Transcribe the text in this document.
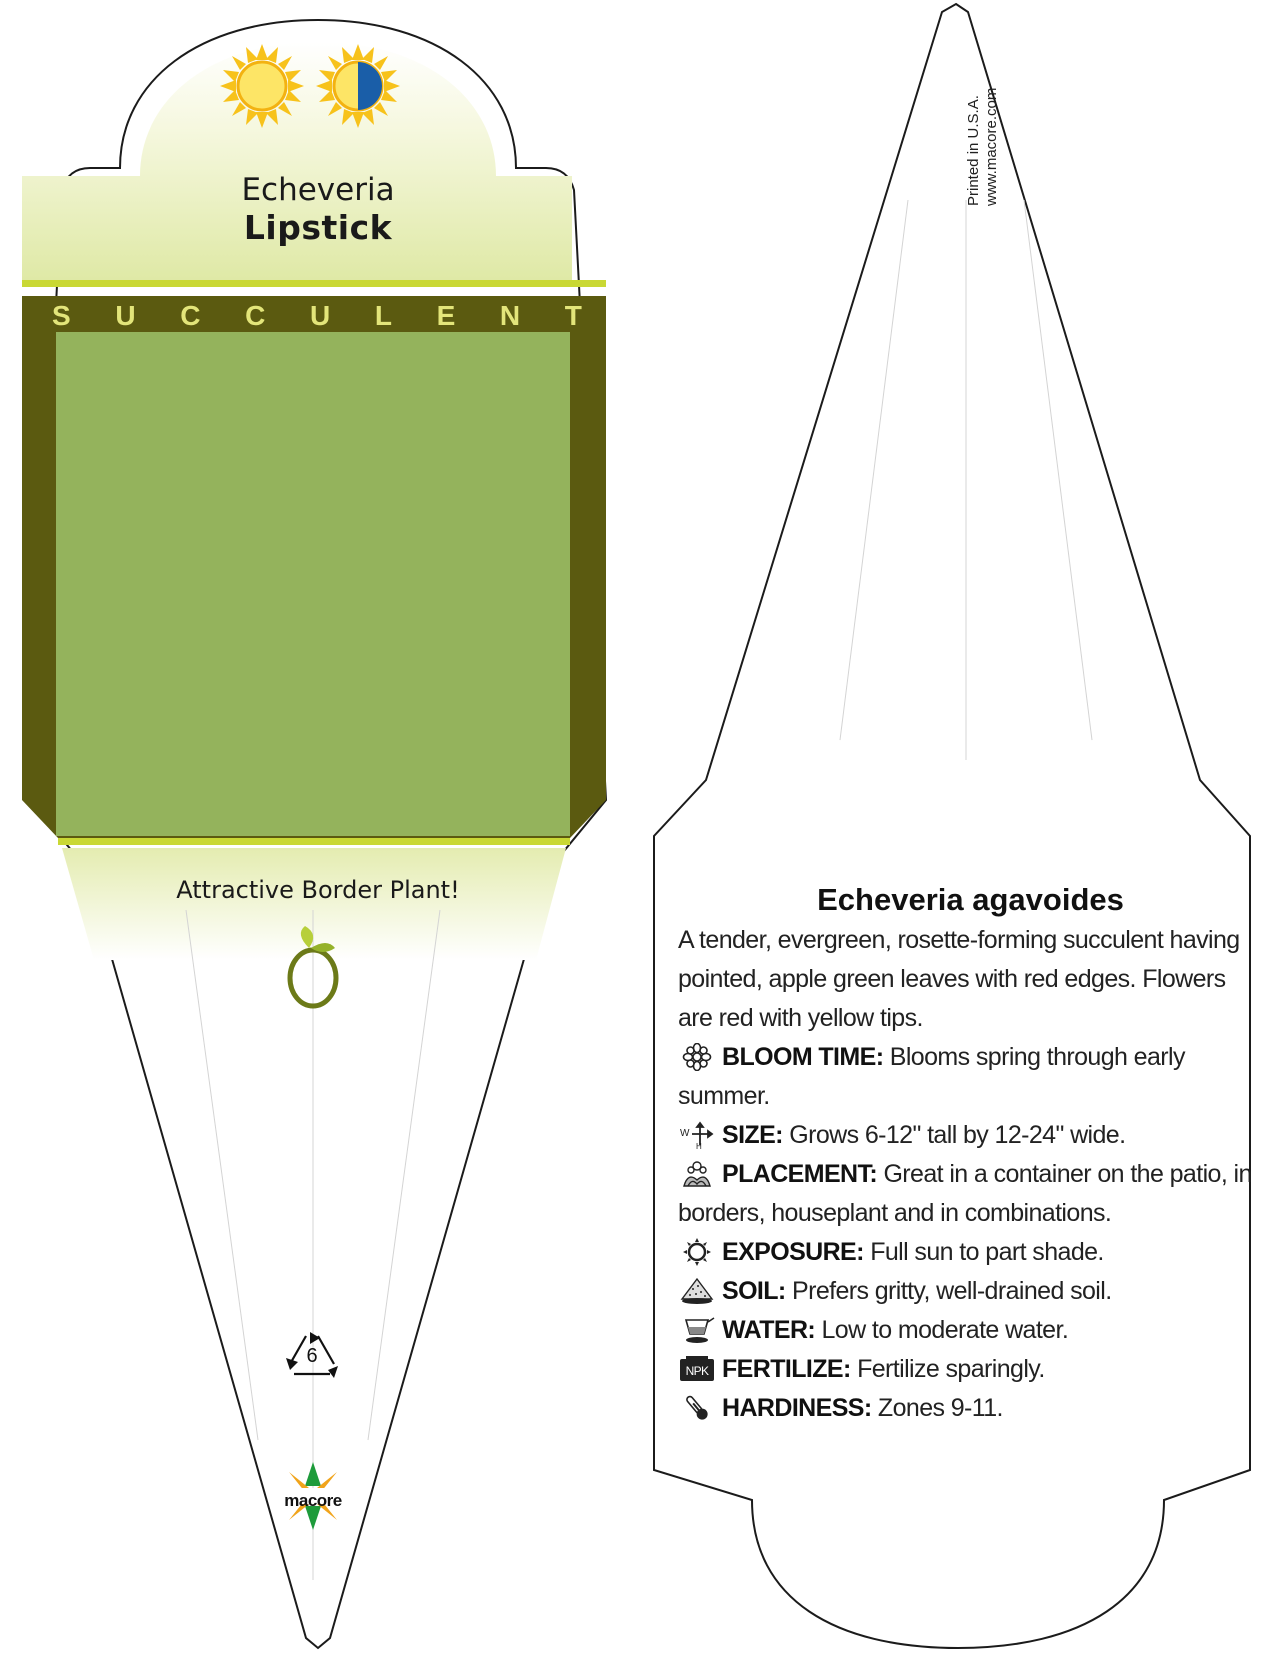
Echeveria
Lipstick
S U C C U L E N T
Attractive Border Plant!
6
macore
Printed in U.S.A. www.macore.com
Echeveria agavoides

A tender, evergreen, rosette-forming succulent having pointed, apple green leaves with red edges. Flowers are red with yellow tips.

BLOOM TIME: Blooms spring through early summer.

W
H SIZE: Grows 6-12" tall by 12-24" wide.

PLACEMENT: Great in a container on the patio, in borders, houseplant and in combinations.

EXPOSURE: Full sun to part shade.

SOIL: Prefers gritty, well-drained soil.

WATER: Low to moderate water.

NPK FERTILIZE: Fertilize sparingly.

HARDINESS: Zones 9-11.
